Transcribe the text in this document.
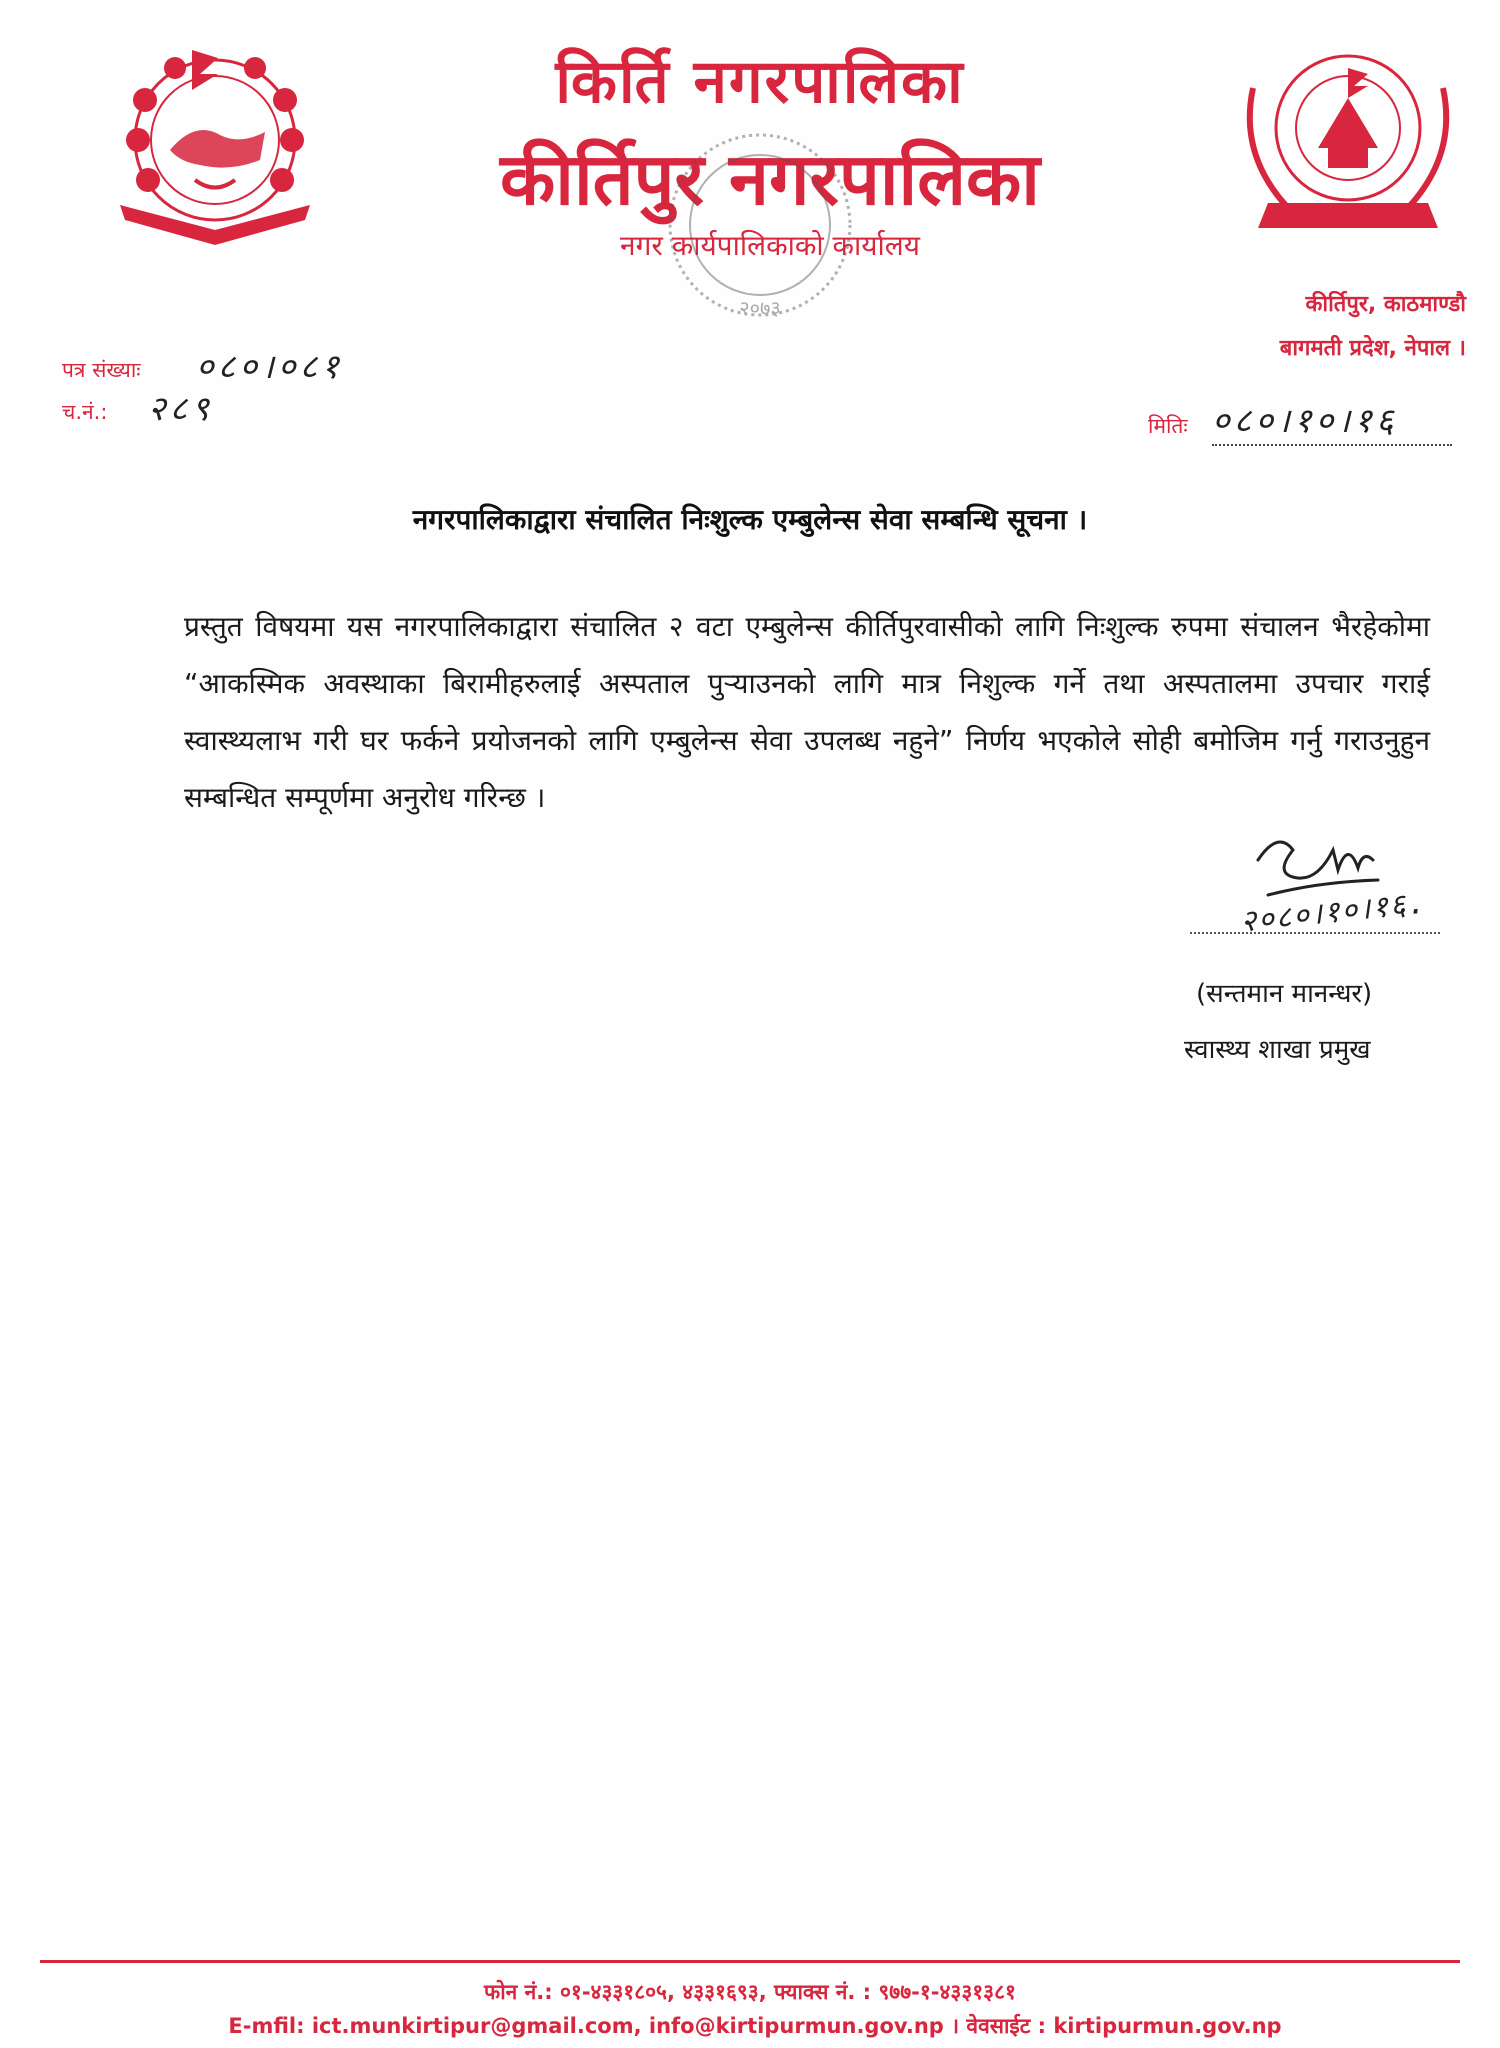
किर्ति नगरपालिका
कीर्तिपुर नगरपालिका
नगर कार्यपालिकाको कार्यालय
२०७३	कीर्तिपुर, काठमाण्डौ
बागमती प्रदेश, नेपाल ।
पत्र संख्याः ०८०।०८१
च.नं.: २८९	मितिः ०८०।१०।१६
नगरपालिकाद्वारा संचालित निःशुल्क एम्बुलेन्स सेवा सम्बन्धि सूचना ।
प्रस्तुत विषयमा यस नगरपालिकाद्वारा संचालित २ वटा एम्बुलेन्स कीर्तिपुरवासीको लागि निःशुल्क रुपमा संचालन भैरहेकोमा “आकस्मिक अवस्थाका बिरामीहरुलाई अस्पताल पुऱ्याउनको लागि मात्र निशुल्क गर्ने तथा अस्पतालमा उपचार गराई स्वास्थ्यलाभ गरी घर फर्कने प्रयोजनको लागि एम्बुलेन्स सेवा उपलब्ध नहुने” निर्णय भएकोले सोही बमोजिम गर्नु गराउनुहुन सम्बन्धित सम्पूर्णमा अनुरोध गरिन्छ ।
२०८०।१०।१६.
(सन्तमान मानन्धर)
स्वास्थ्य शाखा प्रमुख
फोन नं.: ०१-४३३१८०५, ४३३१६९३, फ्याक्स नं. : ९७७-१-४३३१३८१
E-mfil: ict.munkirtipur@gmail.com, info@kirtipurmun.gov.np । वेवसाईट : kirtipurmun.gov.np
